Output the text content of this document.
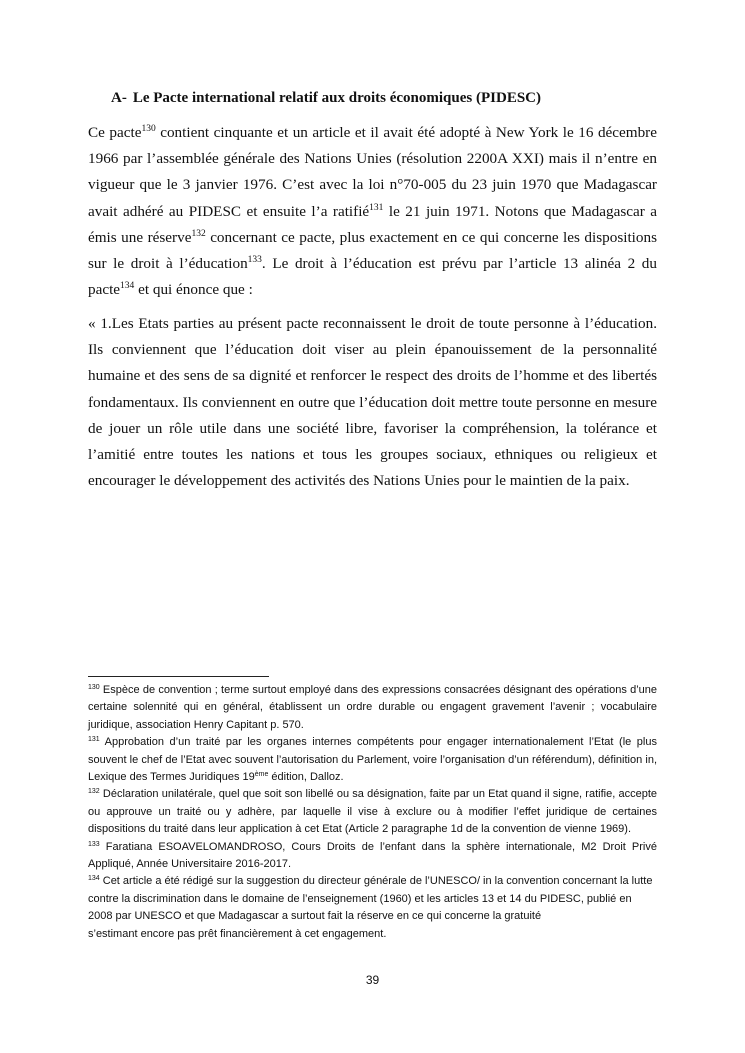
A- Le Pacte international relatif aux droits économiques (PIDESC)

Ce pacte$^{130}$ contient cinquante et un article et il avait été adopté à New York le 16 décembre 1966 par l’assemblée générale des Nations Unies (résolution 2200A XXI) mais il n’entre en vigueur que le 3 janvier 1976. C’est avec la loi n°70-005 du 23 juin 1970 que Madagascar avait adhéré au PIDESC et ensuite l’a ratifié$^{131}$ le 21 juin 1971. Notons que Madagascar a émis une réserve$^{132}$ concernant ce pacte, plus exactement en ce qui concerne les dispositions sur le droit à l’éducation$^{133}$. Le droit à l’éducation est prévu par l’article 13 alinéa 2 du pacte$^{134}$ et qui énonce que :

« 1.Les Etats parties au présent pacte reconnaissent le droit de toute personne à l’éducation. Ils conviennent que l’éducation doit viser au plein épanouissement de la personnalité humaine et des sens de sa dignité et renforcer le respect des droits de l’homme et des libertés fondamentaux. Ils conviennent en outre que l’éducation doit mettre toute personne en mesure de jouer un rôle utile dans une société libre, favoriser la compréhension, la tolérance et l’amitié entre toutes les nations et tous les groupes sociaux, ethniques ou religieux et encourager le développement des activités des Nations Unies pour le maintien de la paix.

$^{130}$ Espèce de convention ; terme surtout employé dans des expressions consacrées désignant des opérations d’une certaine solennité qui en général, établissent un ordre durable ou engagent gravement l’avenir ; vocabulaire juridique, association Henry Capitant p. 570.

$^{131}$ Approbation d’un traité par les organes internes compétents pour engager internationalement l’Etat (le plus souvent le chef de l’Etat avec souvent l’autorisation du Parlement, voire l’organisation d’un référendum), définition in, Lexique des Termes Juridiques 19ème édition, Dalloz.

$^{132}$ Déclaration unilatérale, quel que soit son libellé ou sa désignation, faite par un Etat quand il signe, ratifie, accepte ou approuve un traité ou y adhère, par laquelle il vise à exclure ou à modifier l’effet juridique de certaines dispositions du traité dans leur application à cet Etat (Article 2 paragraphe 1d de la convention de vienne 1969).

$^{133}$ Faratiana ESOAVELOMANDROSO, Cours Droits de l’enfant dans la sphère internationale, M2 Droit Privé Appliqué, Année Universitaire 2016-2017.

$^{134}$ Cet article a été rédigé sur la suggestion du directeur générale de l’UNESCO/ in la convention concernant la lutte contre la discrimination dans le domaine de l’enseignement (1960) et les articles 13 et 14 du PIDESC, publié en 2008 par UNESCO et que Madagascar a surtout fait la réserve en ce qui concerne la gratuité
s’estimant encore pas prêt financièrement à cet engagement.

39
